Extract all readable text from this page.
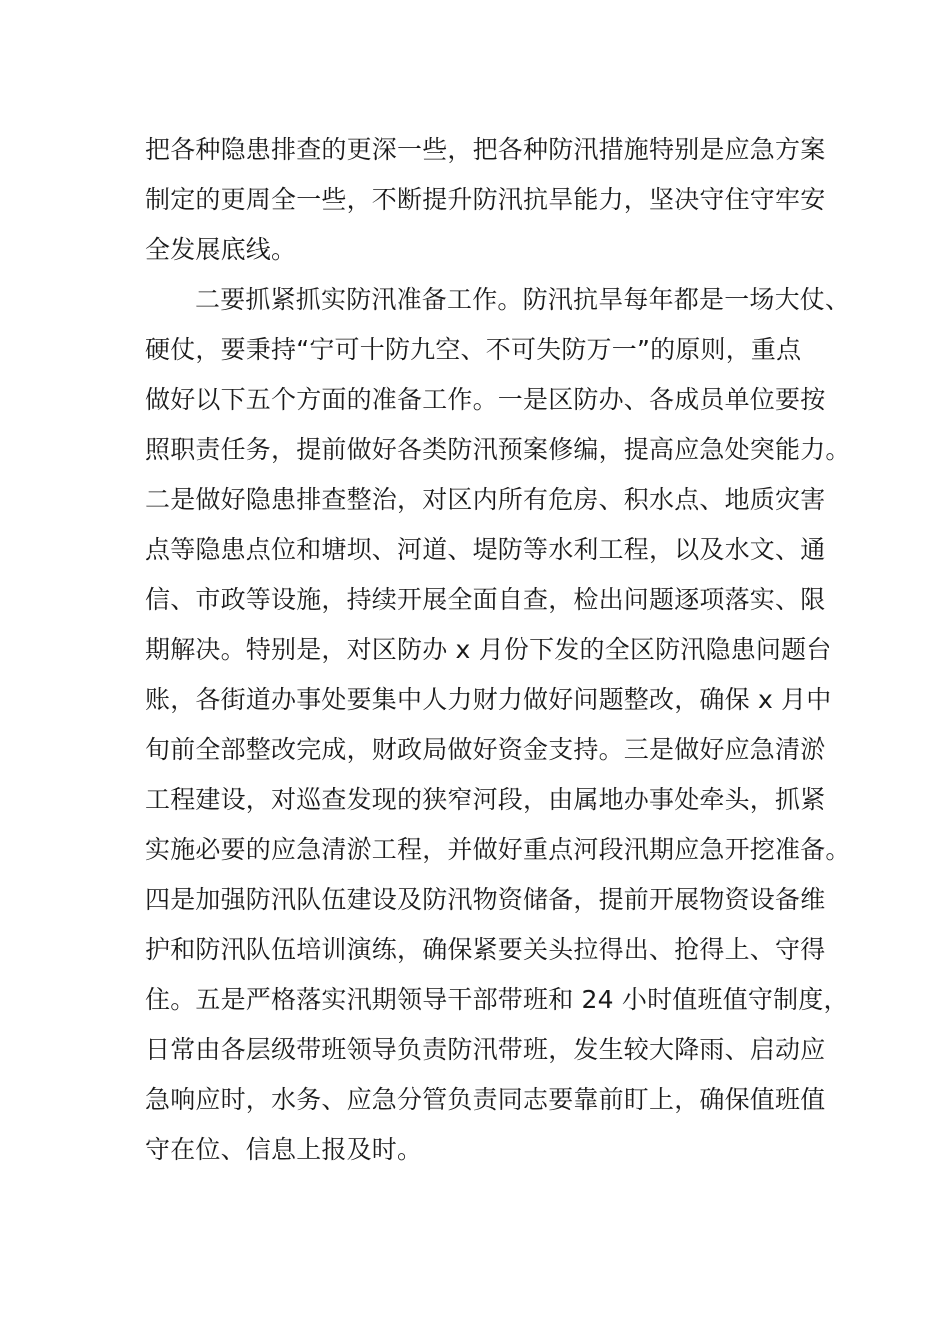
把各种隐患排查的更深一些，把各种防汛措施特别是应急方案
制定的更周全一些，不断提升防汛抗旱能力，坚决守住守牢安
全发展底线。
二要抓紧抓实防汛准备工作。防汛抗旱每年都是一场大仗、
硬仗，要秉持“宁可十防九空、不可失防万一”的原则，重点
做好以下五个方面的准备工作。一是区防办、各成员单位要按
照职责任务，提前做好各类防汛预案修编，提高应急处突能力。
二是做好隐患排查整治，对区内所有危房、积水点、地质灾害
点等隐患点位和塘坝、河道、堤防等水利工程，以及水文、通
信、市政等设施，持续开展全面自查，检出问题逐项落实、限
期解决。特别是，对区防办 x 月份下发的全区防汛隐患问题台
账，各街道办事处要集中人力财力做好问题整改，确保 x 月中
旬前全部整改完成，财政局做好资金支持。三是做好应急清淤
工程建设，对巡查发现的狭窄河段，由属地办事处牵头，抓紧
实施必要的应急清淤工程，并做好重点河段汛期应急开挖准备。
四是加强防汛队伍建设及防汛物资储备，提前开展物资设备维
护和防汛队伍培训演练，确保紧要关头拉得出、抢得上、守得
住。五是严格落实汛期领导干部带班和 24 小时值班值守制度，
日常由各层级带班领导负责防汛带班，发生较大降雨、启动应
急响应时，水务、应急分管负责同志要靠前盯上，确保值班值
守在位、信息上报及时。
